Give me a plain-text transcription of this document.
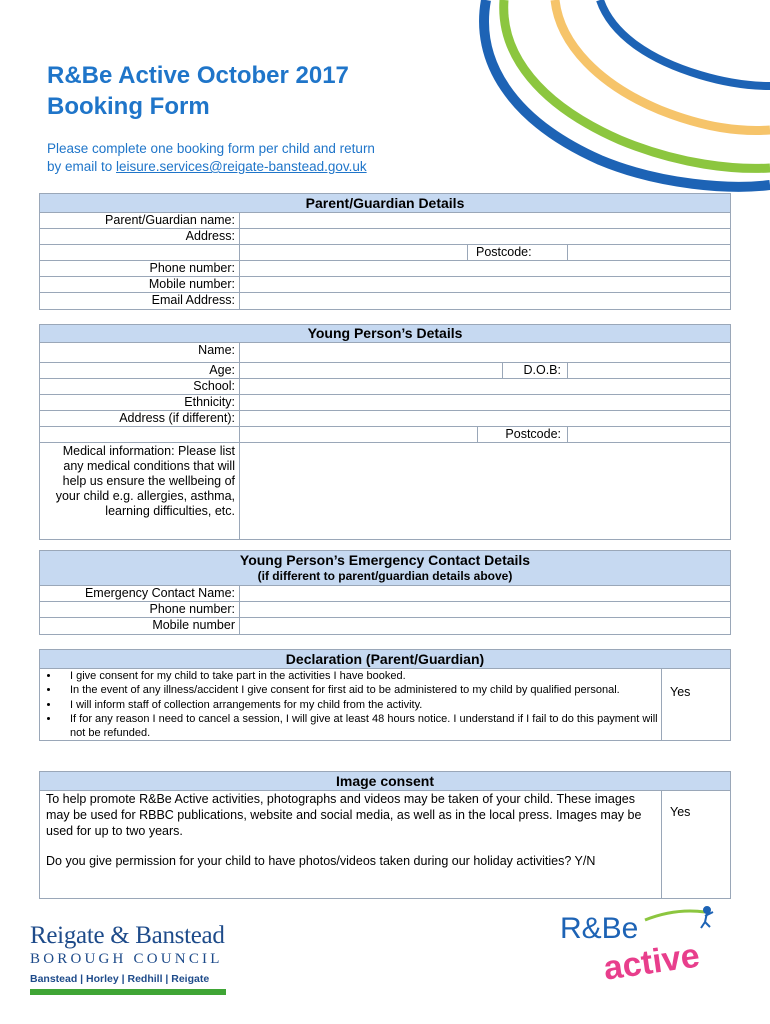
R&Be Active October 2017
Booking Form
Please complete one booking form per child and return
by email to leisure.services@reigate-banstead.gov.uk
Parent/Guardian Details
Parent/Guardian name:
Address:
Postcode:
Phone number:
Mobile number:
Email Address:
Young Person’s Details
Name:
Age:	D.O.B:
School:
Ethnicity:
Address (if different):
Postcode:
Medical information: Please list any medical conditions that will help us ensure the wellbeing of your child e.g. allergies, asthma, learning difficulties, etc.
Young Person’s Emergency Contact Details
(if different to parent/guardian details above)
Emergency Contact Name:
Phone number:
Mobile number
Declaration (Parent/Guardian)
• I give consent for my child to take part in the activities I have booked.
• In the event of any illness/accident I give consent for first aid to be administered to my child by qualified personal.
• I will inform staff of collection arrangements for my child from the activity.
• If for any reason I need to cancel a session, I will give at least 48 hours notice. I understand if I fail to do this payment will not be refunded.
Yes
Image consent

To help promote R&Be Active activities, photographs and videos may be taken of your child. These images may be used for RBBC publications, website and social media, as well as in the local press. Images may be used for up to two years.

Do you give permission for your child to have photos/videos taken during our holiday activities? Y/N

Yes
Reigate & Banstead
BOROUGH COUNCIL
Banstead | Horley | Redhill | Reigate
R&Be
active
